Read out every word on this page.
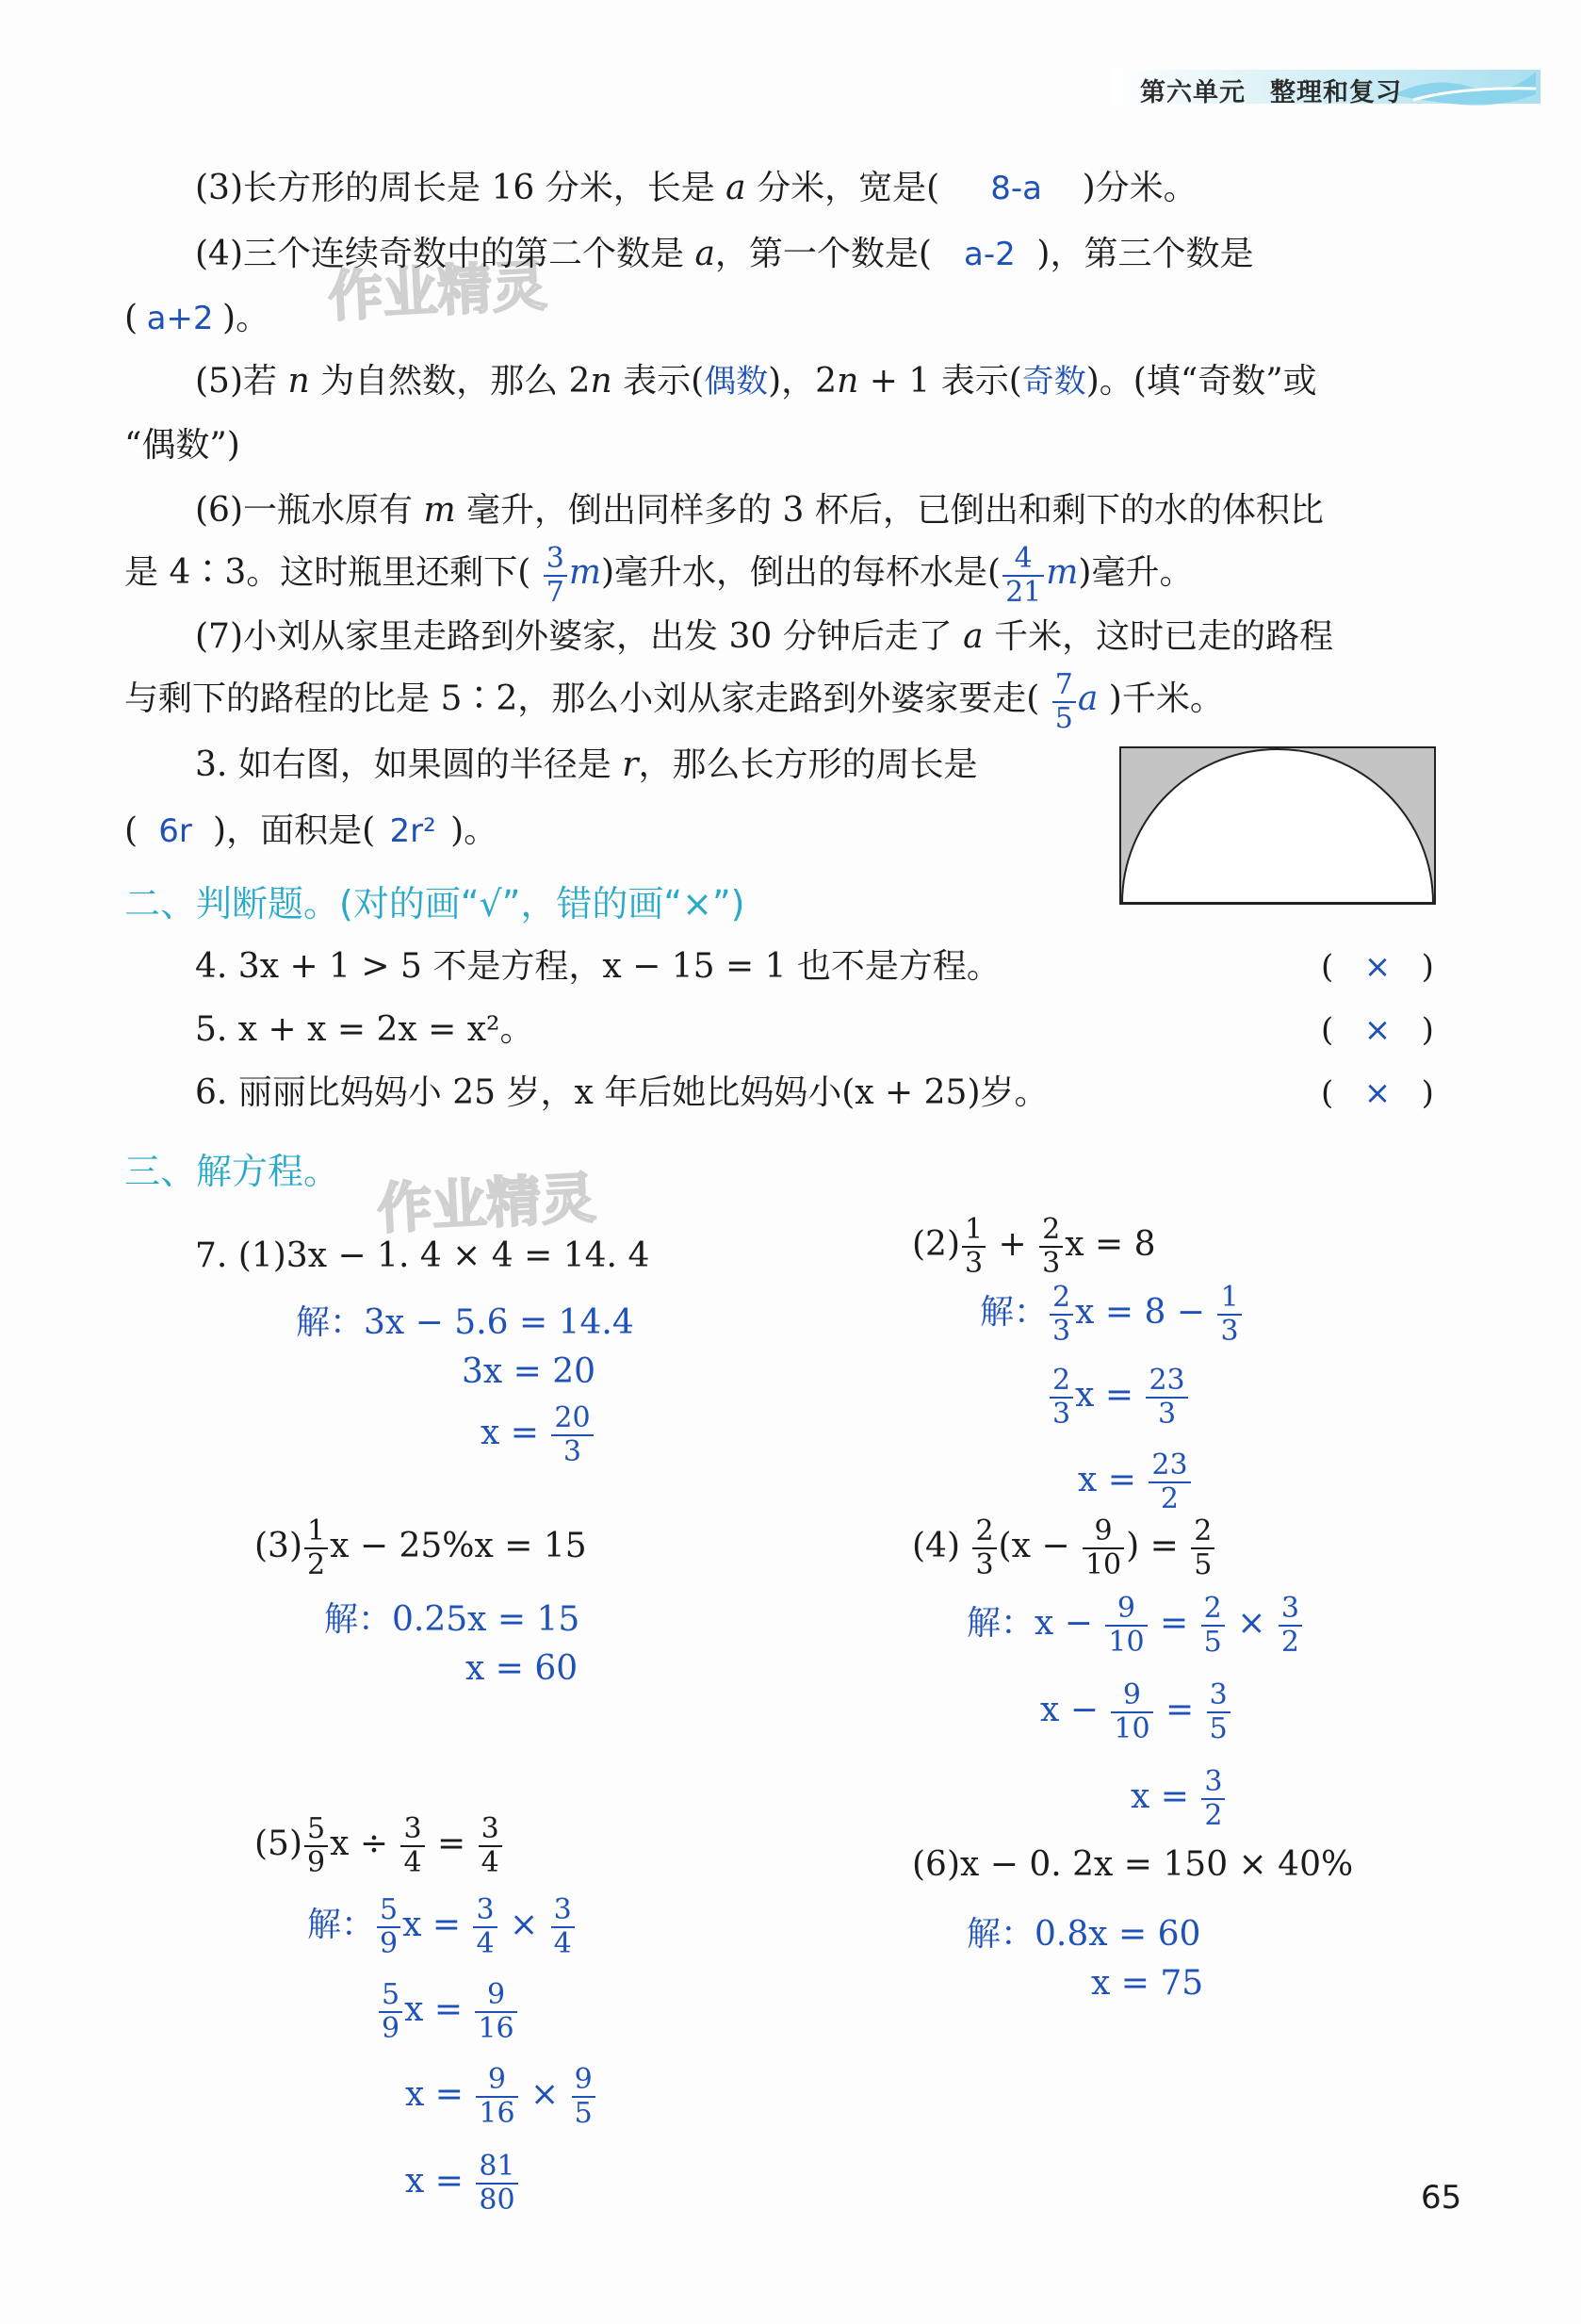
第六单元 整理和复习
作业精灵
作业精灵
(3)长方形的周长是 16 分米，长是 a 分米，宽是( 8-a )分米。
(4)三个连续奇数中的第二个数是 a，第一个数是( a-2 )，第三个数是
( a+2 )。
(5)若 n 为自然数，那么 2n 表示(偶数)，2n + 1 表示(奇数)。(填“奇数”或
“偶数”)
(6)一瓶水原有 m 毫升，倒出同样多的 3 杯后，已倒出和剩下的水的体积比
是 4∶3。这时瓶里还剩下( $\frac{3}{7} m$)毫升水，倒出的每杯水是( $\frac{4}{21} m$)毫升。
(7)小刘从家里走路到外婆家，出发 30 分钟后走了 a 千米，这时已走的路程
与剩下的路程的比是 5∶2，那么小刘从家走路到外婆家要走( $\frac{7}{5}$ a )千米。
3. 如右图，如果圆的半径是 r，那么长方形的周长是
( 6r )，面积是( 2r² )。
二、判断题。(对的画“√”，错的画“×”)
4. 3x + 1 > 5 不是方程，x − 15 = 1 也不是方程。	(   ×   )
5. x + x = 2x = x²。	(   ×   )
6. 丽丽比妈妈小 25 岁，x 年后她比妈妈小(x + 25)岁。	(   ×   )
三、解方程。
7. (1)3x − 1. 4 × 4 = 14. 4
解：3x − 5.6 = 14.4
3x = 20
$x = \frac{20}{3}$
$(2) \frac{1}{3} + \frac{2}{3}$ x = 8
解： $\frac{2}{3}$ $x = 8 - \frac{1}{3}$
$\frac{2}{3}$ $x = \frac{23}{3}$
$x = \frac{23}{2}$
$(3) \frac{1}{2}$ x − 25%x = 15
解：0.25x = 15
x = 60
$(4) \frac{2}{3} (x - \frac{9}{10}$ ) = $\frac{2}{5}$
解：$x - \frac{9}{10} = \frac{2}{5} \times \frac{3}{2}$
$x - \frac{9}{10} = \frac{3}{5}$
$x = \frac{3}{2}$
$(5) \frac{5}{9}$ $x \div \frac{3}{4} = \frac{3}{4}$
解： $\frac{5}{9}$ $x = \frac{3}{4} \times \frac{3}{4}$
$\frac{5}{9}$ $x = \frac{9}{16}$
$x = \frac{9}{16} \times \frac{9}{5}$
$x = \frac{81}{80}$
(6)x − 0. 2x = 150 × 40%
解：0.8x = 60
x = 75
65
